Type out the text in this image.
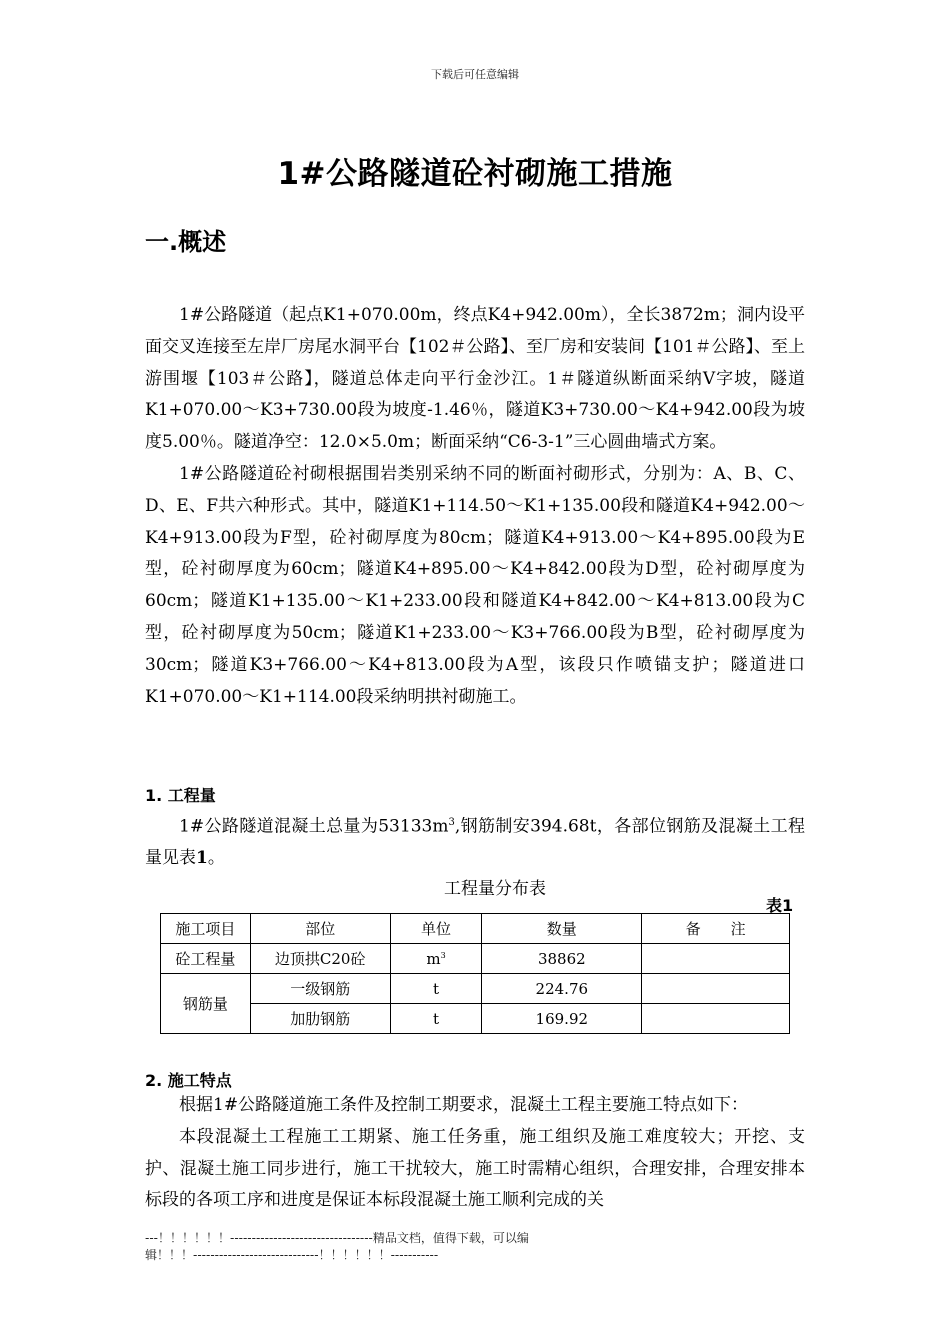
下载后可任意编辑
1#公路隧道砼衬砌施工措施
一.概述

1#公路隧道（起点K1+070.00m，终点K4+942.00m），全长3872m；洞内设平面交叉连接至左岸厂房尾水洞平台【102＃公路】、至厂房和安装间【101＃公路】、至上游围堰【103＃公路】，隧道总体走向平行金沙江。1＃隧道纵断面采纳V字坡，隧道K1+070.00～K3+730.00段为坡度-1.46％，隧道K3+730.00～K4+942.00段为坡度5.00％。隧道净空：12.0×5.0m；断面采纳“C6-3-1”三心圆曲墙式方案。

1#公路隧道砼衬砌根据围岩类别采纳不同的断面衬砌形式，分别为：A、B、C、D、E、F共六种形式。其中，隧道K1+114.50～K1+135.00段和隧道K4+942.00～K4+913.00段为F型，砼衬砌厚度为80cm；隧道K4+913.00～K4+895.00段为E型，砼衬砌厚度为60cm；隧道K4+895.00～K4+842.00段为D型，砼衬砌厚度为60cm；隧道K1+135.00～K1+233.00段和隧道K4+842.00～K4+813.00段为C型，砼衬砌厚度为50cm；隧道K1+233.00～K3+766.00段为B型，砼衬砌厚度为30cm；隧道K3+766.00～K4+813.00段为A型，该段只作喷锚支护；隧道进口K1+070.00～K1+114.00段采纳明拱衬砌施工。

1. 工程量

1#公路隧道混凝土总量为$53133m^3$,钢筋制安394.68t，各部位钢筋及混凝土工程量见表1。

工程量分布表
表1
施工项目	部位	单位	数量	备　　注
砼工程量	边顶拱C20砼	$m^3$	38862	
钢筋量	一级钢筋	t	224.76	
	加肋钢筋	t	169.92	
2. 施工特点

根据1#公路隧道施工条件及控制工期要求，混凝土工程主要施工特点如下：

本段混凝土工程施工工期紧、施工任务重，施工组织及施工难度较大；开挖、支护、混凝土施工同步进行，施工干扰较大，施工时需精心组织，合理安排，合理安排本标段的各项工序和进度是保证本标段混凝土施工顺利完成的关

---！！！！！！---------------------------------精品文档，值得下载，可以编
辑！！！-----------------------------！！！！！！-----------
